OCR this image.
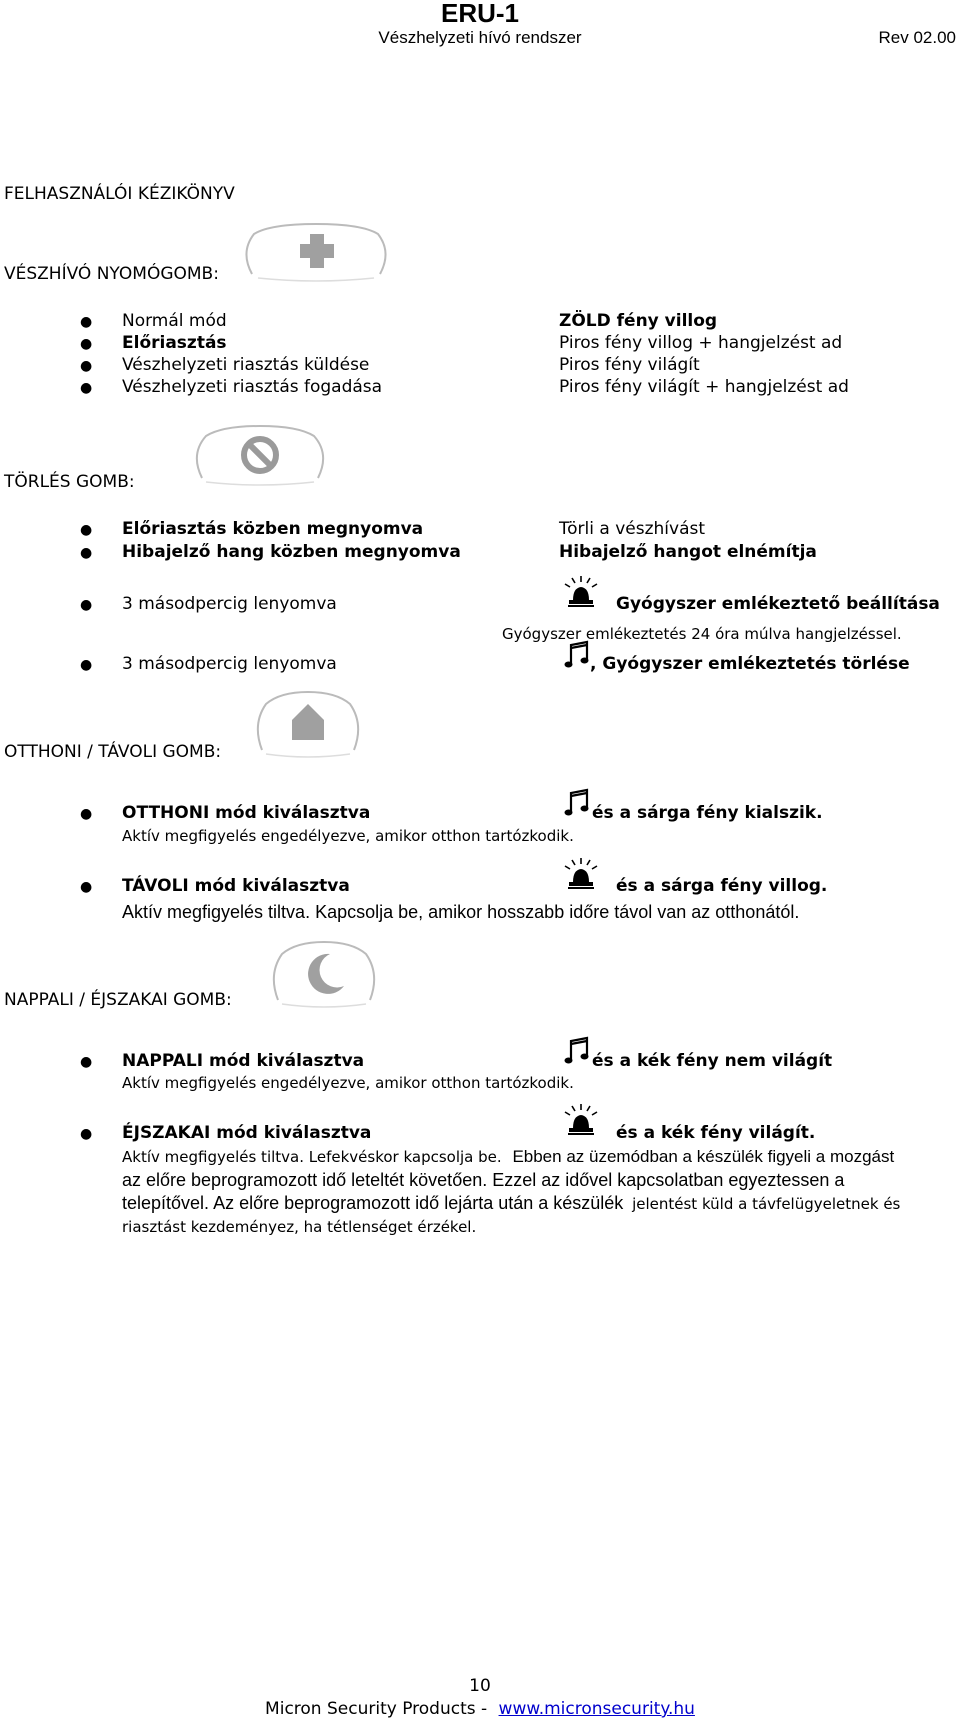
ERU-1
Vészhelyzeti hívó rendszer	Rev 02.00
FELHASZNÁLÓI KÉZIKÖNYV
VÉSZHÍVÓ NYOMÓGOMB:
● Normál mód	ZÖLD fény villog
● Előriasztás	Piros fény villog + hangjelzést ad
● Vészhelyzeti riasztás küldése	Piros fény világít
● Vészhelyzeti riasztás fogadása	Piros fény világít + hangjelzést ad
TÖRLÉS GOMB:
● Előriasztás közben megnyomva	Törli a vészhívást
● Hibajelző hang közben megnyomva	Hibajelző hangot elnémítja
● 3 másodpercig lenyomva	Gyógyszer emlékeztető beállítása
Gyógyszer emlékeztetés 24 óra múlva hangjelzéssel.
● 3 másodpercig lenyomva	, Gyógyszer emlékeztetés törlése
OTTHONI / TÁVOLI GOMB:
● OTTHONI mód kiválasztva	és a sárga fény kialszik.
Aktív megfigyelés engedélyezve, amikor otthon tartózkodik.
● TÁVOLI mód kiválasztva	és a sárga fény villog.
Aktív megfigyelés tiltva. Kapcsolja be, amikor hosszabb időre távol van az otthonától.
NAPPALI / ÉJSZAKAI GOMB:
● NAPPALI mód kiválasztva	és a kék fény nem világít
Aktív megfigyelés engedélyezve, amikor otthon tartózkodik.
● ÉJSZAKAI mód kiválasztva	és a kék fény világít.
Aktív megfigyelés tiltva. Lefekvéskor kapcsolja be. Ebben az üzemódban a készülék figyeli a mozgást
az előre beprogramozott idő leteltét követően. Ezzel az idővel kapcsolatban egyeztessen a
telepítővel. Az előre beprogramozott idő lejárta után a készülék jelentést küld a távfelügyeletnek és
riasztást kezdeményez, ha tétlenséget érzékel.
10
Micron Security Products - www.micronsecurity.hu
